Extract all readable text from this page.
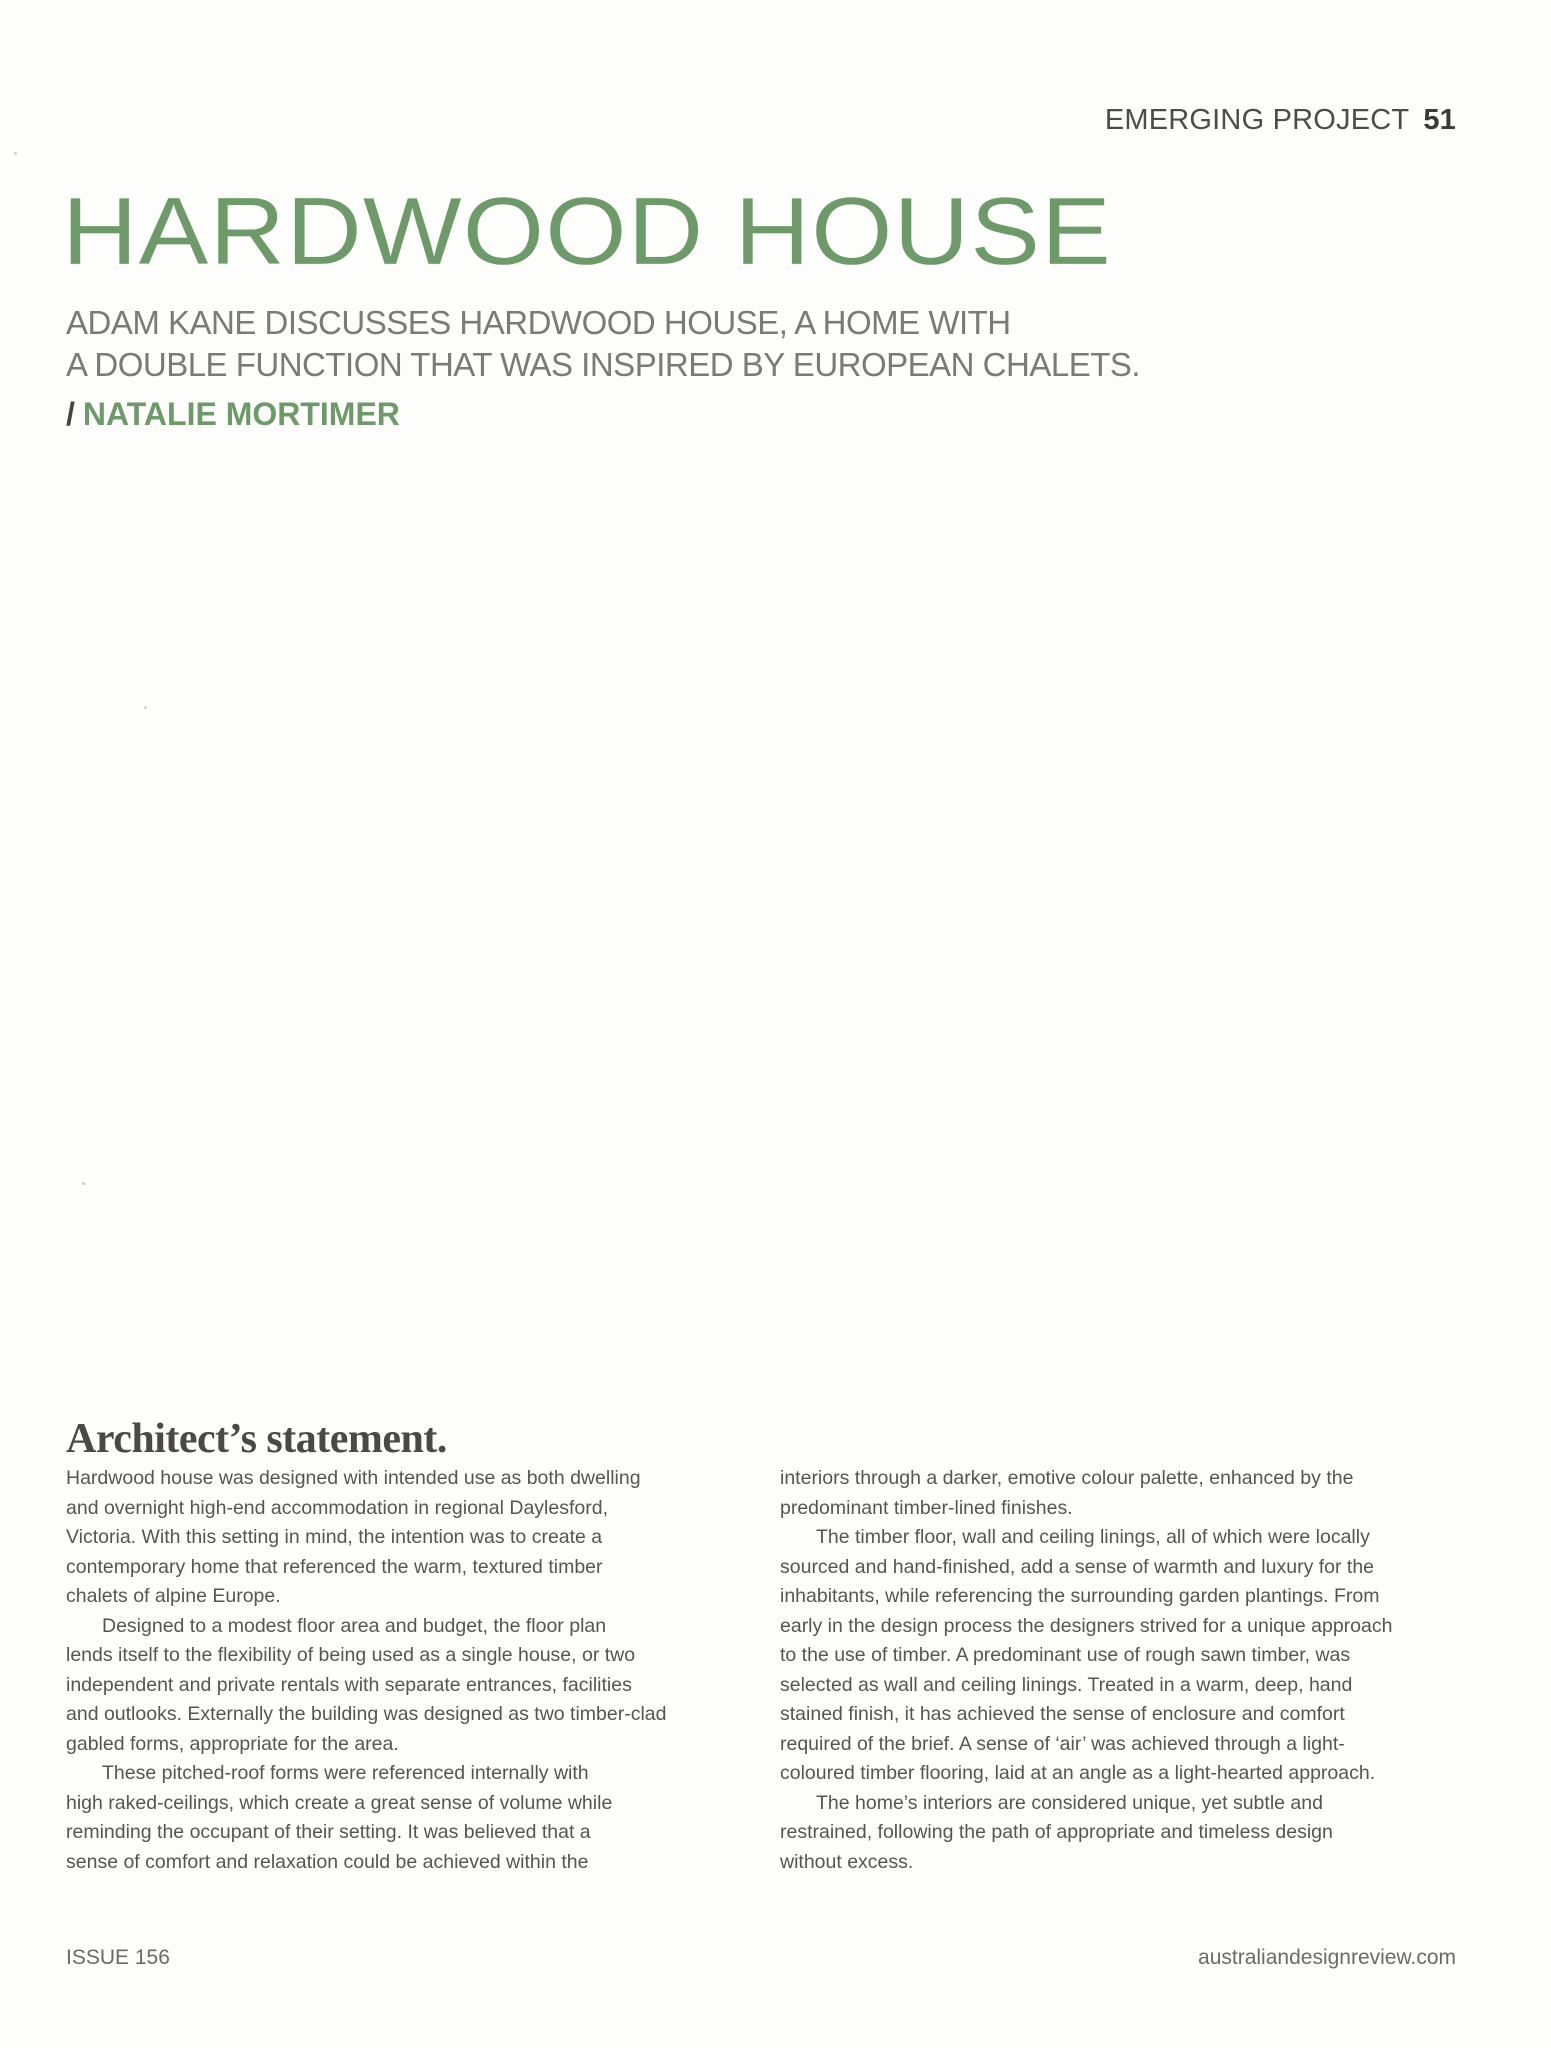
EMERGING PROJECT 51
HARDWOOD HOUSE
ADAM KANE DISCUSSES HARDWOOD HOUSE, A HOME WITH
A DOUBLE FUNCTION THAT WAS INSPIRED BY EUROPEAN CHALETS.
/ NATALIE MORTIMER
Architect’s statement.
Hardwood house was designed with intended use as both dwelling
and overnight high-end accommodation in regional Daylesford,
Victoria. With this setting in mind, the intention was to create a
contemporary home that referenced the warm, textured timber
chalets of alpine Europe.
Designed to a modest floor area and budget, the floor plan
lends itself to the flexibility of being used as a single house, or two
independent and private rentals with separate entrances, facilities
and outlooks. Externally the building was designed as two timber-clad
gabled forms, appropriate for the area.
These pitched-roof forms were referenced internally with
high raked-ceilings, which create a great sense of volume while
reminding the occupant of their setting. It was believed that a
sense of comfort and relaxation could be achieved within the
interiors through a darker, emotive colour palette, enhanced by the
predominant timber-lined finishes.
The timber floor, wall and ceiling linings, all of which were locally
sourced and hand-finished, add a sense of warmth and luxury for the
inhabitants, while referencing the surrounding garden plantings. From
early in the design process the designers strived for a unique approach
to the use of timber. A predominant use of rough sawn timber, was
selected as wall and ceiling linings. Treated in a warm, deep, hand
stained finish, it has achieved the sense of enclosure and comfort
required of the brief. A sense of ‘air’ was achieved through a light-
coloured timber flooring, laid at an angle as a light-hearted approach.
The home’s interiors are considered unique, yet subtle and
restrained, following the path of appropriate and timeless design
without excess.
ISSUE 156	australiandesignreview.com
